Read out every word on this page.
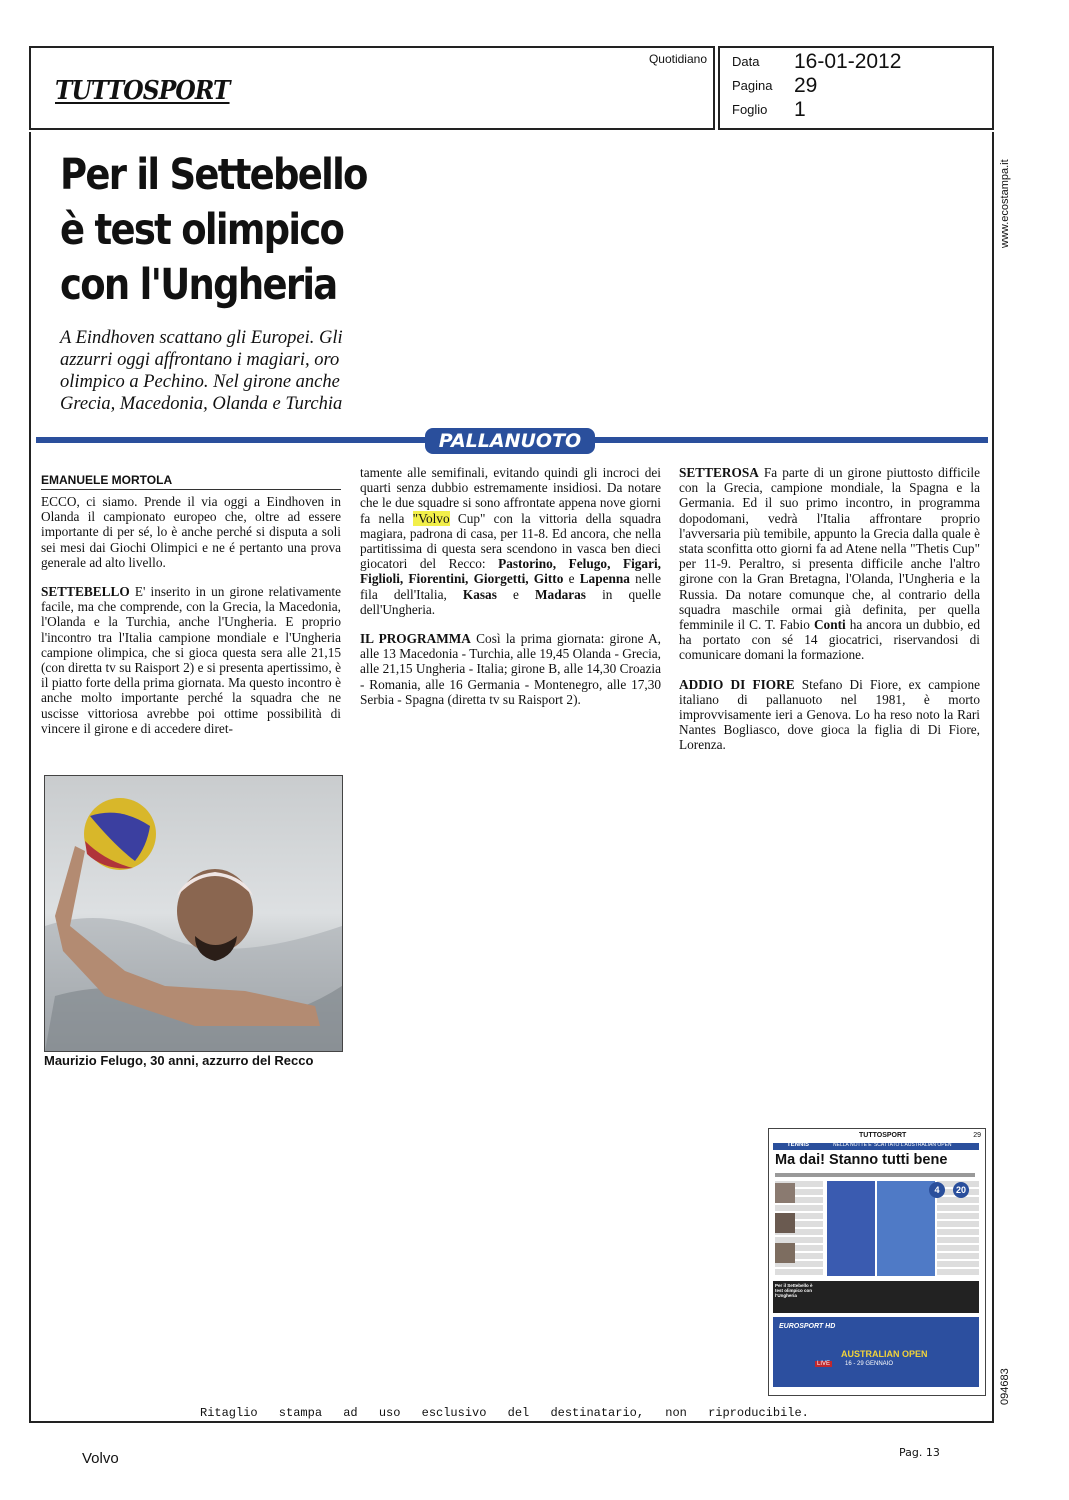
TUTTOSPORT
Quotidiano Data 16-01-2012
Pagina 29
Foglio 1
www.ecostampa.it
094683
Per il Settebello
è test olimpico
con l'Ungheria
A Eindhoven scattano gli Europei. Gli azzurri oggi affrontano i magiari, oro olimpico a Pechino. Nel girone anche Grecia, Macedonia, Olanda e Turchia
PALLANUOTO
EMANUELE MORTOLA

ECCO, ci siamo. Prende il via oggi a Eindhoven in Olanda il campionato europeo che, oltre ad essere importante di per sé, lo è anche perché si disputa a soli sei mesi dai Giochi Olimpici e ne é pertanto una prova generale ad alto livello.

SETTEBELLO E' inserito in un girone relativamente facile, ma che comprende, con la Grecia, la Macedonia, l'Olanda e la Turchia, anche l'Ungheria. E proprio l'incontro tra l'Italia campione mondiale e l'Ungheria campione olimpica, che si gioca questa sera alle 21,15 (con diretta tv su Raisport 2) e si presenta apertissimo, è il piatto forte della prima giornata. Ma questo incontro è anche molto importante perché la squadra che ne uscisse vittoriosa avrebbe poi ottime possibilità di vincere il girone e di accedere diret-

tamente alle semifinali, evitando quindi gli incroci dei quarti senza dubbio estremamente insidiosi. Da notare che le due squadre si sono affrontate appena nove giorni fa nella "Volvo Cup" con la vittoria della squadra magiara, padrona di casa, per 11-8. Ed ancora, che nella partitissima di questa sera scendono in vasca ben dieci giocatori del Recco: Pastorino, Felugo, Figari, Figlioli, Fiorentini, Giorgetti, Gitto e Lapenna nelle fila dell'Italia, Kasas e Madaras in quelle dell'Ungheria.

IL PROGRAMMA Così la prima giornata: girone A, alle 13 Macedonia - Turchia, alle 19,45 Olanda - Grecia, alle 21,15 Ungheria - Italia; girone B, alle 14,30 Croazia - Romania, alle 16 Germania - Montenegro, alle 17,30 Serbia - Spagna (diretta tv su Raisport 2).

SETTEROSA Fa parte di un girone piuttosto difficile con la Grecia, campione mondiale, la Spagna e la Germania. Ed il suo primo incontro, in programma dopodomani, vedrà l'Italia affrontare proprio l'avversaria più temibile, appunto la Grecia dalla quale è stata sconfitta otto giorni fa ad Atene nella "Thetis Cup" per 11-9. Peraltro, si presenta difficile anche l'altro girone con la Gran Bretagna, l'Olanda, l'Ungheria e la Russia. Da notare comunque che, al contrario della squadra maschile ormai già definita, per quella femminile il C. T. Fabio Conti ha ancora un dubbio, ed ha portato con sé 14 giocatrici, riservandosi di comunicare domani la formazione.

ADDIO DI FIORE Stefano Di Fiore, ex campione italiano di pallanuoto nel 1981, è morto improvvisamente ieri a Genova. Lo ha reso noto la Rari Nantes Bogliasco, dove gioca la figlia di Di Fiore, Lorenza.

Maurizio Felugo, 30 anni, azzurro del Recco
TUTTOSPORT	29
TENNIS	NELLA NOTTE E' SCATTATO L'AUSTRALIAN OPEN
Ma dai! Stanno tutti bene
4	20
Per il Settebello è test olimpico con l'Ungheria
EUROSPORT HD
AUSTRALIAN OPEN
LIVE	16 - 29 GENNAIO
Ritaglio stampa ad uso esclusivo del destinatario, non riproducibile.
Volvo	Pag. 13
